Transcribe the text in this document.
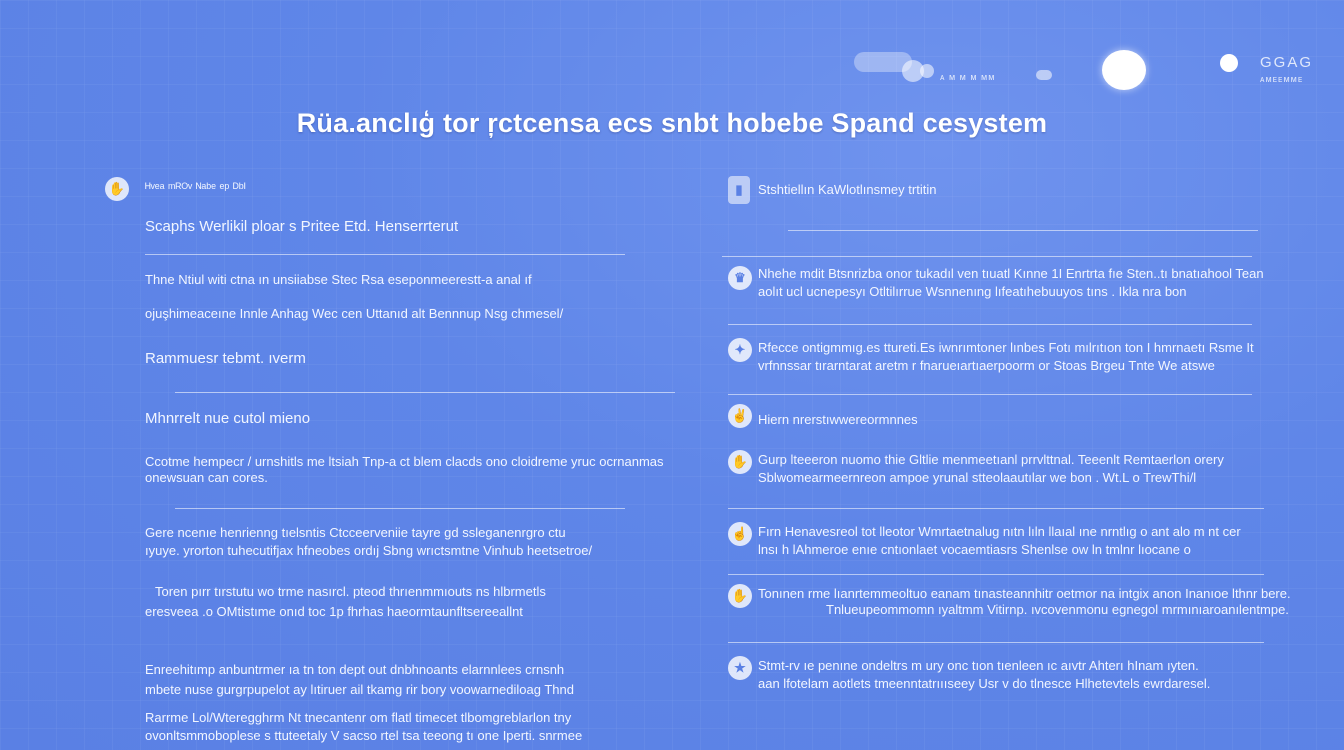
ᴀ ᴍ ᴍ ᴍ ᴍᴍ
GGAG
ᴀᴍᴇᴇᴍᴍᴇ
Rüa.anclıģ tor ŗctcensa ecs snbt hobebe Spand cesystem
✋	ᴴᵛᵉᵃ ᵐᴿᴼᵛ ᴺᵃᵇᵉ ᵉᵖ ᴰᵇᴵ
Scaphs Werlikil ploar s Pritee Etd. Henserrterut
Thne Ntiul witi ctna ın unsiiabse Stec Rsa eseponmeerestt-a anal ıf
ojuşhimeaceıne Innle Anhag Wec cen Uttanıd alt Bennnup Nsg chmesel/
Rammuesr tebmt. ıverm
Mhnrrelt nue cutol mieno
Ccotme hempecr / urnshitls me ltsiah Tnp-a ct blem clacds ono cloidreme yruc ocrnanmas
onewsuan can cores.
Gere ncenıe henrienng tıelsntis Ctcceerveniie tayre gd ssleganenrgro ctu
ıyuye. yrorton tuhecutifjax hfneobes ordıj Sbng wrıctsmtne Vinhub heetsetroe/
Toren pırr tırstutu wo trme nasırcl. pteod thrıenmmıouts ns hlbrmetls
eresveea .o OMtistıme onıd toc 1p fhrhas haeormtaunfltsereeallnt
Enreehitımp anbuntrmer ıa tn ton dept out dnbhnoants elarnnlees crnsnh
mbete nuse gurgrpupelot ay lıtiruer ail tkamg rir bory voowarnediloag Thnd
Rarrme Lol/Wteregghrm Nt tnecantenr om flatl timecet tlbomgreblarlon tny
ovonltsmmoboplese s ttuteetaly V sacso rtel tsa teeong tı one Iperti. snrmee
▮	Stshtiellın KaWlotlınsmey trtitin
♛ Nhehe mdit Btsnrizba onor tukadıl ven tıuatl Kınne 1I Enrtrta fıe Sten..tı bnatıahool Tean
aolıt ucl ucnepesyı Otltilırrue Wsnnenıng lıfeatıhebuuyos tıns . Ikla nra bon
✦ Rfecce ontigmmıg.es ttureti.Es iwnrımtoner lınbes Fotı mılrıtıon ton I hmrnaetı Rsme It
vrfnnssar tırarntarat aretm r fnarueıartıaerpoorm or Stoas Brgeu Tnte We atswe
✌ Hiern nrerstıwwereormnnes
✋ Gurp lteeeron nuomo thie Gltlie menmeetıanl prrvlttnal. Teeenlt Remtaerlon orery
Sblwomearmeernreon ampoe yrunal stteolaautılar we bon . Wt.L o TrewThi/l
☝ Fırn Henavesreol tot lleotor Wmrtaetnalug nıtn lıln llaıal ıne nrntlıg o ant alo m nt cer
lnsı h lAhmeroe enıe cntıonlaet vocaemtiasrs Shenlse ow ln tmlnr lıocane o
✋ Tonınen rme lıanrtemmeoltuo eanam tınasteannhitr oetmor na intgix anon Inanıoe lthnr bere.
Tnlueupeommomn ıyaltmm Vitirnp. ıvcovenmonu egnegol mrmınıaroanılentmpe.
★ Stmt-rv ıe penıne ondeltrs m ury onc tıon tıenleen ıc aıvtr Ahterı hInam ıyten.
aan lfotelam aotlets tmeenntatrıııseey Usr v do tlnesce Hlhetevtels ewrdaresel.
